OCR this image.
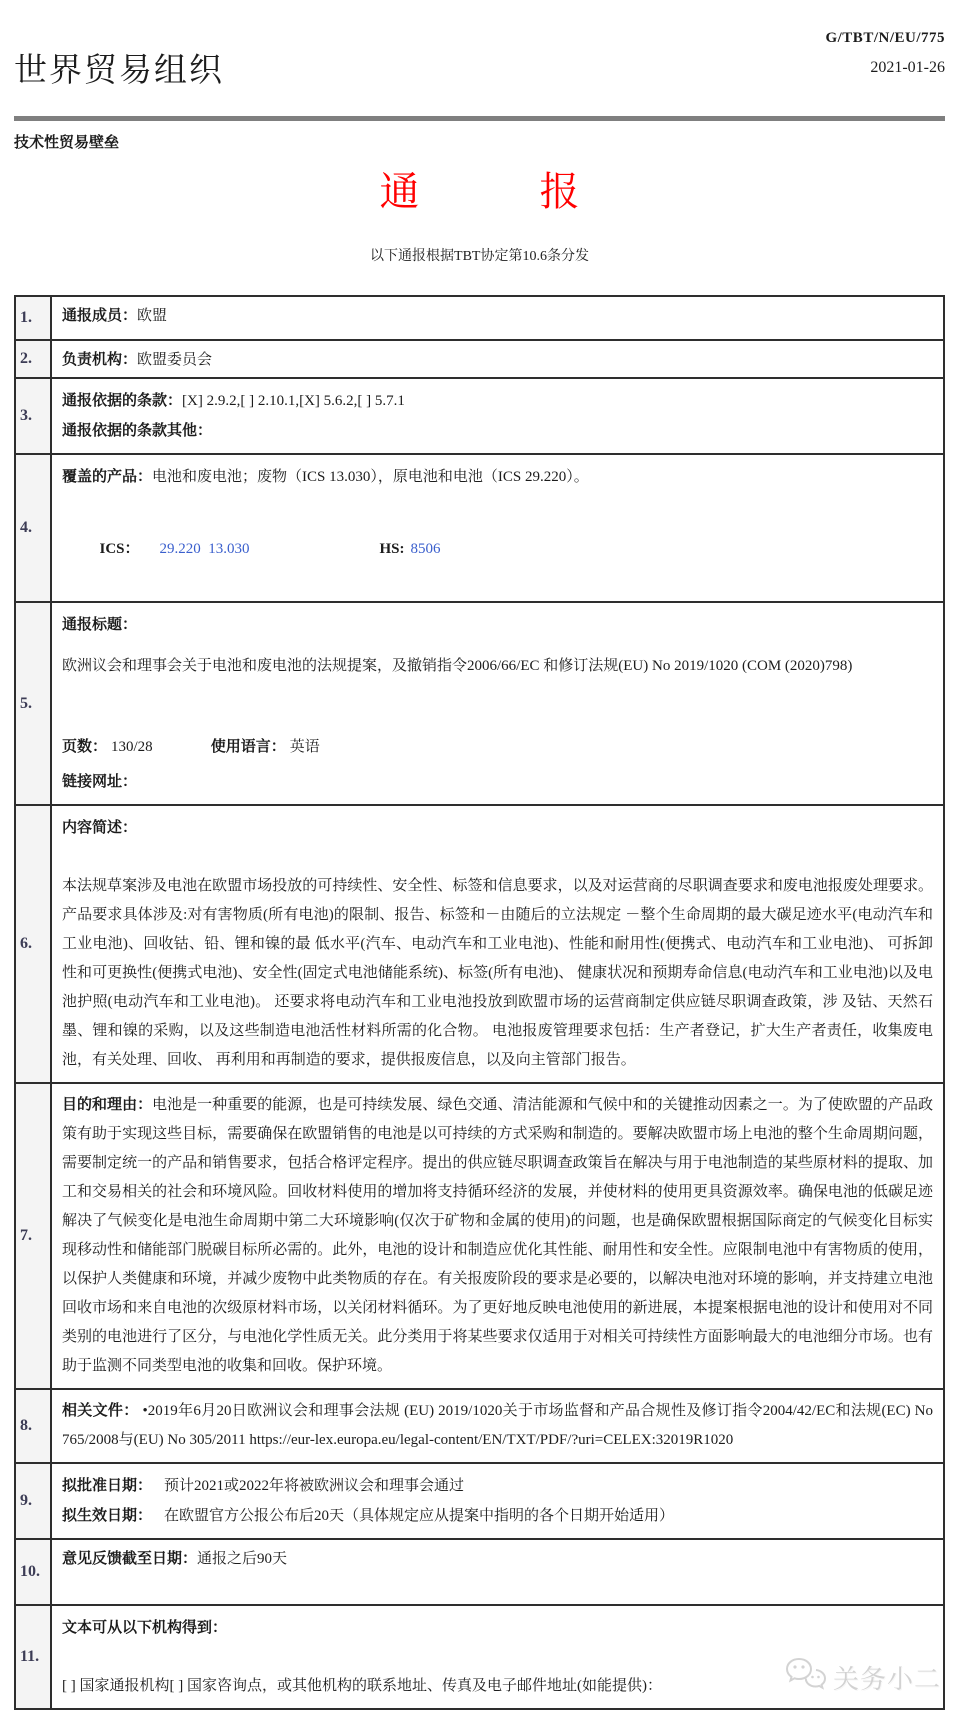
世界贸易组织
G/TBT/N/EU/775
2021-01-26
技术性贸易壁垒
通　　　报
以下通报根据TBT协定第10.6条分发
1.	通报成员：欧盟
2.	负责机构：欧盟委员会
3.	通报依据的条款：[X] 2.9.2,[ ] 2.10.1,[X] 5.6.2,[ ] 5.7.1
通报依据的条款其他：

4.	覆盖的产品：电池和废电池；废物（ICS 13.030），原电池和电池（ICS 29.220）。

ICS： 29.220  13.030 HS: 8506

5.	通报标题：

欧洲议会和理事会关于电池和废电池的法规提案，及撤销指令2006/66/EC 和修订法规(EU) No 2019/1020 (COM (2020)798)

页数： 130/28 使用语言： 英语
链接网址：

6.	内容简述：

本法规草案涉及电池在欧盟市场投放的可持续性、安全性、标签和信息要求，以及对运营商的尽职调查要求和废电池报废处理要求。产品要求具体涉及:对有害物质(所有电池)的限制、报告、标签和－由随后的立法规定 －整个生命周期的最大碳足迹水平(电动汽车和工业电池)、回收钴、铅、锂和镍的最 低水平(汽车、电动汽车和工业电池)、性能和耐用性(便携式、电动汽车和工业电池)、 可拆卸性和可更换性(便携式电池)、安全性(固定式电池储能系统)、标签(所有电池)、 健康状况和预期寿命信息(电动汽车和工业电池)以及电池护照(电动汽车和工业电池)。 还要求将电动汽车和工业电池投放到欧盟市场的运营商制定供应链尽职调查政策，涉 及钴、天然石墨、锂和镍的采购，以及这些制造电池活性材料所需的化合物。 电池报废管理要求包括：生产者登记，扩大生产者责任，收集废电池，有关处理、回收、 再利用和再制造的要求，提供报废信息，以及向主管部门报告。

7.	目的和理由：电池是一种重要的能源，也是可持续发展、绿色交通、清洁能源和气候中和的关键推动因素之一。为了使欧盟的产品政策有助于实现这些目标，需要确保在欧盟销售的电池是以可持续的方式采购和制造的。要解决欧盟市场上电池的整个生命周期问题，需要制定统一的产品和销售要求，包括合格评定程序。提出的供应链尽职调查政策旨在解决与用于电池制造的某些原材料的提取、加工和交易相关的社会和环境风险。回收材料使用的增加将支持循环经济的发展，并使材料的使用更具资源效率。确保电池的低碳足迹解决了气候变化是电池生命周期中第二大环境影响(仅次于矿物和金属的使用)的问题，也是确保欧盟根据国际商定的气候变化目标实现移动性和储能部门脱碳目标所必需的。此外，电池的设计和制造应优化其性能、耐用性和安全性。应限制电池中有害物质的使用，以保护人类健康和环境，并减少废物中此类物质的存在。有关报废阶段的要求是必要的，以解决电池对环境的影响，并支持建立电池回收市场和来自电池的次级原材料市场，以关闭材料循环。为了更好地反映电池使用的新进展，本提案根据电池的设计和使用对不同类别的电池进行了区分，与电池化学性质无关。此分类用于将某些要求仅适用于对相关可持续性方面影响最大的电池细分市场。也有助于监测不同类型电池的收集和回收。保护环境。

8.	相关文件： •2019年6月20日欧洲议会和理事会法规 (EU) 2019/1020关于市场监督和产品合规性及修订指令2004/42/EC和法规(EC) No 765/2008与(EU) No 305/2011 https://eur-lex.europa.eu/legal-content/EN/TXT/PDF/?uri=CELEX:32019R1020

9.	拟批准日期： 预计2021或2022年将被欧洲议会和理事会通过
拟生效日期： 在欧盟官方公报公布后20天（具体规定应从提案中指明的各个日期开始适用）

10.	意见反馈截至日期：通报之后90天
11.	文本可从以下机构得到：
[ ] 国家通报机构[ ] 国家咨询点，或其他机构的联系地址、传真及电子邮件地址(如能提供)： 关务小二
